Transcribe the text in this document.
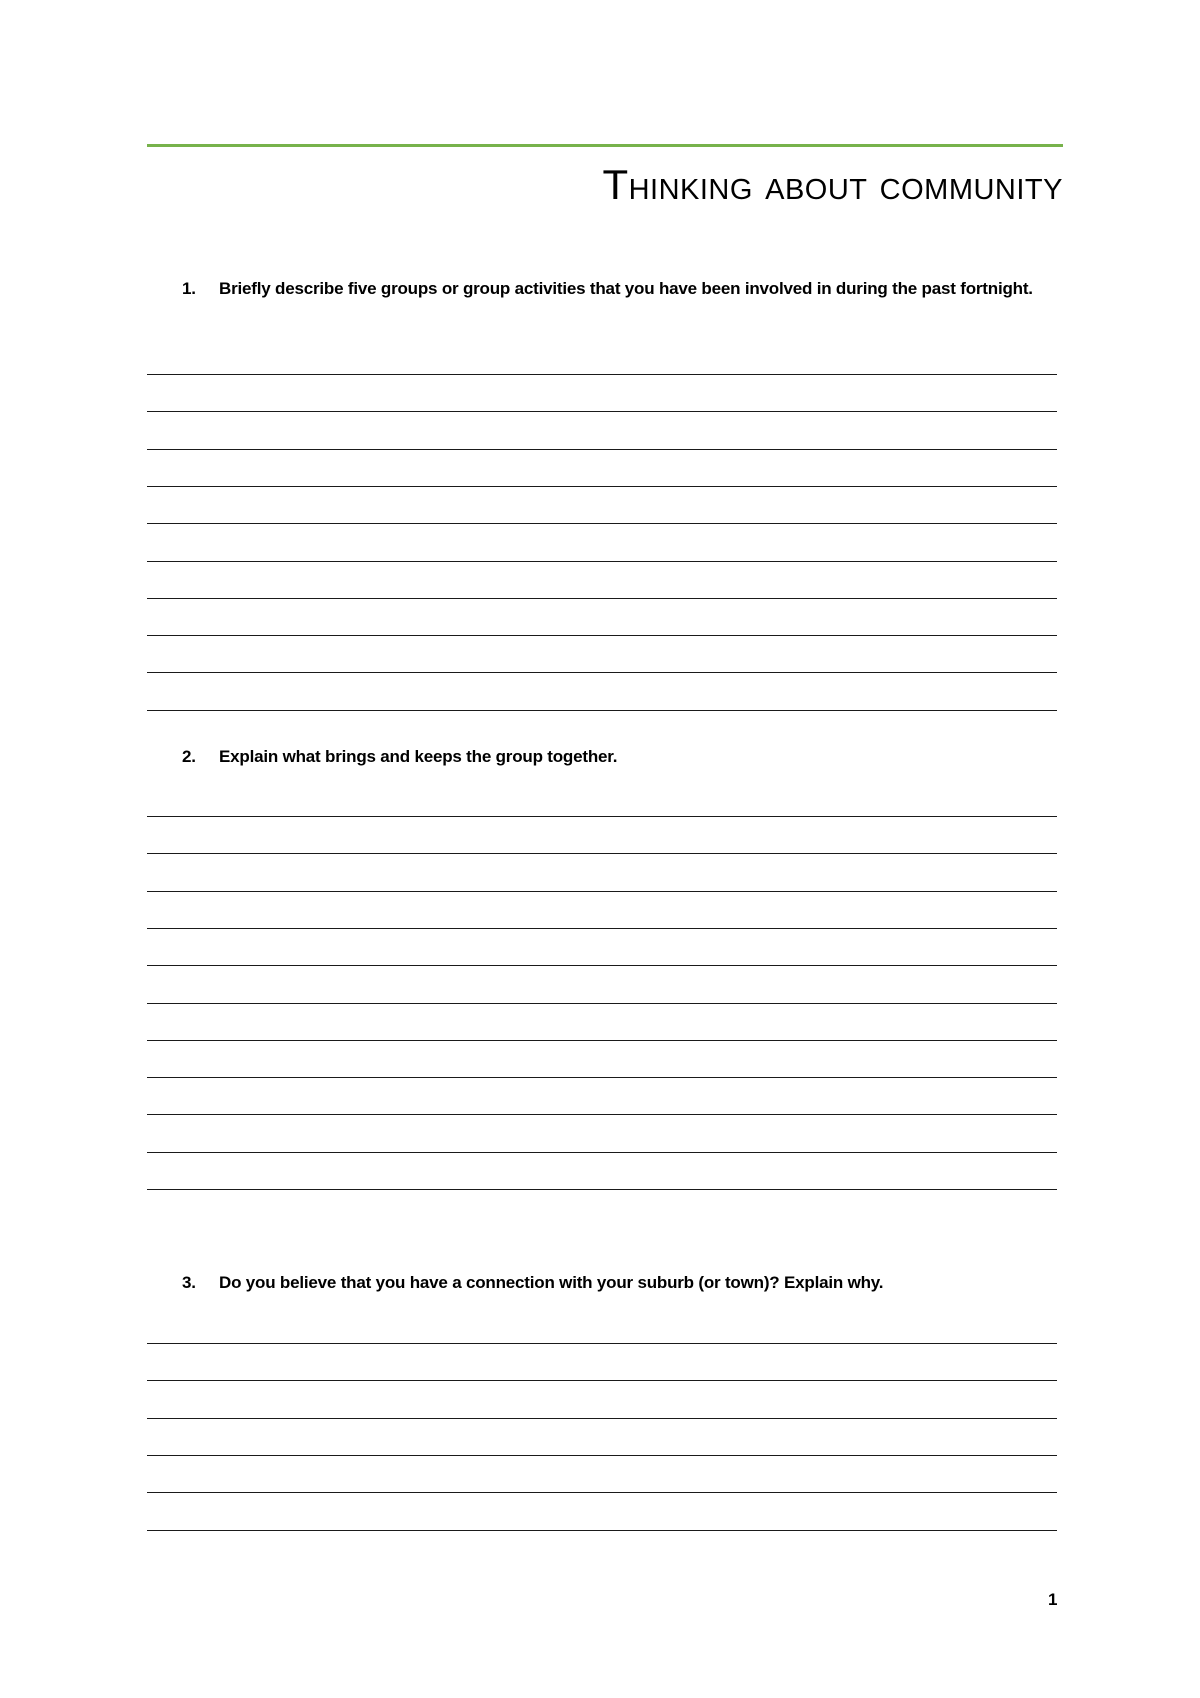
Thinking about community
1. Briefly describe five groups or group activities that you have been involved in during the past fortnight.
2. Explain what brings and keeps the group together.
3. Do you believe that you have a connection with your suburb (or town)? Explain why.
1
